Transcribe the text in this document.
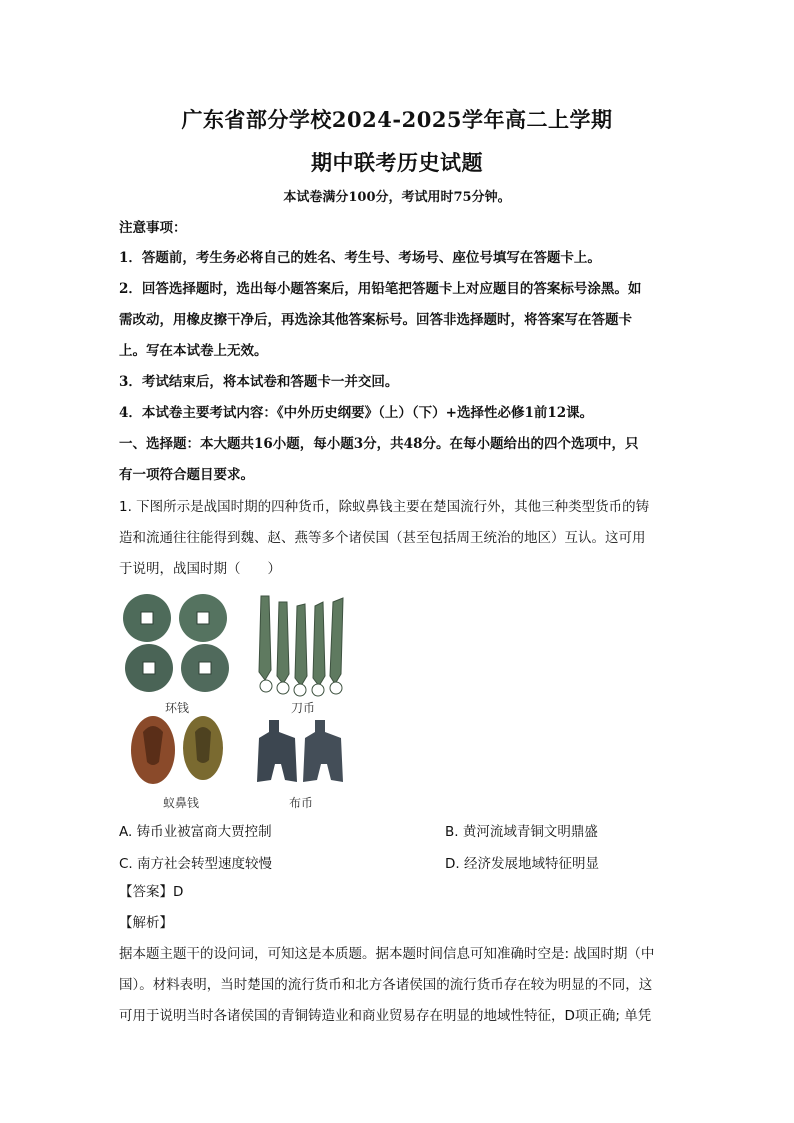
广东省部分学校2024-2025学年高二上学期
期中联考历史试题
本试卷满分100分，考试用时75分钟。
注意事项：
1．答题前，考生务必将自己的姓名、考生号、考场号、座位号填写在答题卡上。
2．回答选择题时，选出每小题答案后，用铅笔把答题卡上对应题目的答案标号涂黑。如
需改动，用橡皮擦干净后，再选涂其他答案标号。回答非选择题时，将答案写在答题卡
上。写在本试卷上无效。
3．考试结束后，将本试卷和答题卡一并交回。
4．本试卷主要考试内容：《中外历史纲要》（上）（下）+选择性必修1前12课。
一、选择题：本大题共16小题，每小题3分，共48分。在每小题给出的四个选项中，只
有一项符合题目要求。
1. 下图所示是战国时期的四种货币，除蚁鼻钱主要在楚国流行外，其他三种类型货币的铸
造和流通往往能得到魏、赵、燕等多个诸侯国（甚至包括周王统治的地区）互认。这可用
于说明，战国时期（　　）
环钱	刀币
蚁鼻钱	布币
A. 铸币业被富商大贾控制	B. 黄河流域青铜文明鼎盛
C. 南方社会转型速度较慢	D. 经济发展地域特征明显
【答案】D
【解析】
据本题主题干的设问词，可知这是本质题。据本题时间信息可知准确时空是: 战国时期（中
国）。材料表明，当时楚国的流行货币和北方各诸侯国的流行货币存在较为明显的不同，这
可用于说明当时各诸侯国的青铜铸造业和商业贸易存在明显的地域性特征，D项正确; 单凭
